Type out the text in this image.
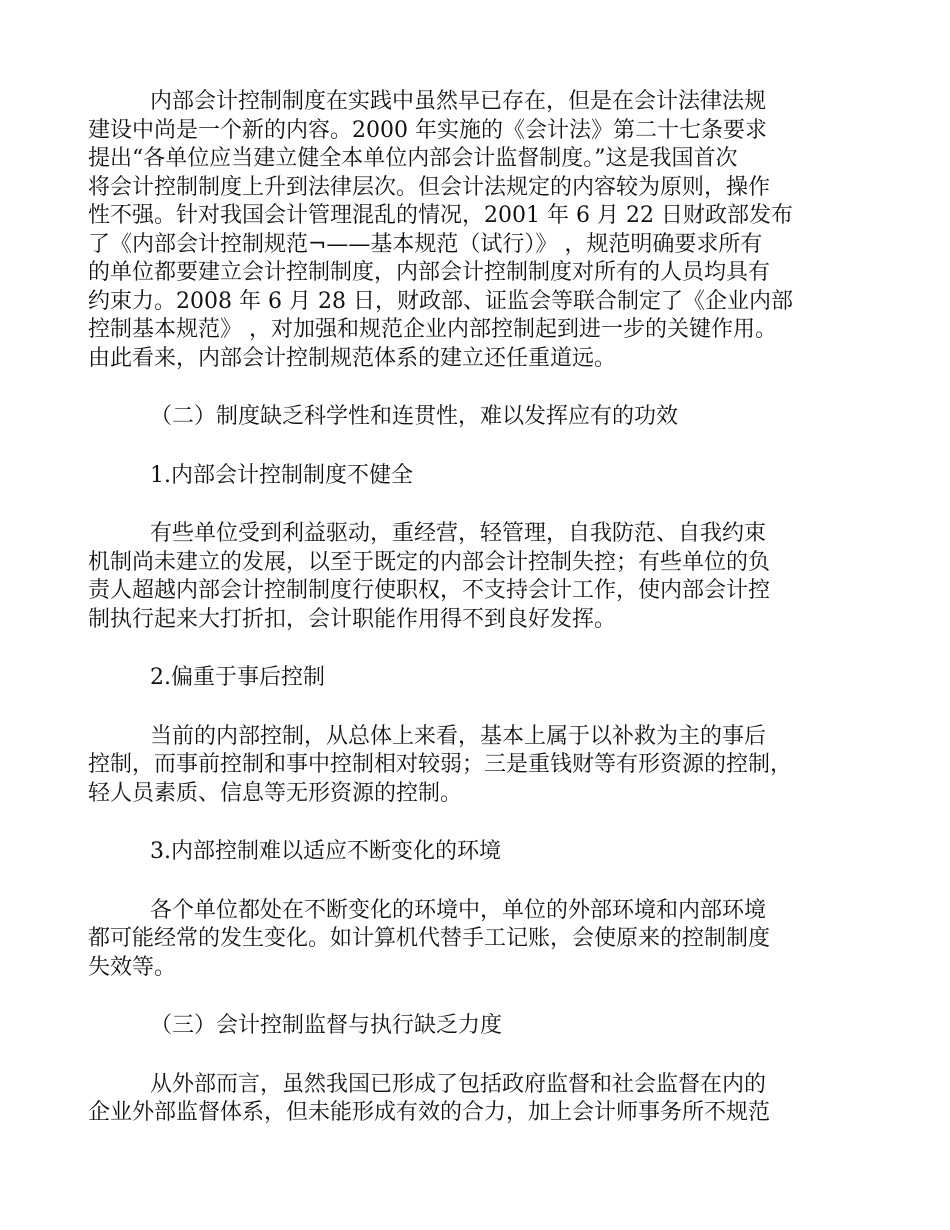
内部会计控制制度在实践中虽然早已存在，但是在会计法律法规
建设中尚是一个新的内容。2000 年实施的《会计法》第二十七条要求
提出“各单位应当建立健全本单位内部会计监督制度。”这是我国首次
将会计控制制度上升到法律层次。但会计法规定的内容较为原则，操作
性不强。针对我国会计管理混乱的情况，2001 年 6 月 22 日财政部发布
了《内部会计控制规范¬——基本规范（试行）》 ，规范明确要求所有
的单位都要建立会计控制制度，内部会计控制制度对所有的人员均具有
约束力。2008 年 6 月 28 日，财政部、证监会等联合制定了《企业内部
控制基本规范》 ，对加强和规范企业内部控制起到进一步的关键作用。
由此看来，内部会计控制规范体系的建立还任重道远。
（二）制度缺乏科学性和连贯性，难以发挥应有的功效
1.内部会计控制制度不健全
有些单位受到利益驱动，重经营，轻管理，自我防范、自我约束
机制尚未建立的发展，以至于既定的内部会计控制失控；有些单位的负
责人超越内部会计控制制度行使职权，不支持会计工作，使内部会计控
制执行起来大打折扣，会计职能作用得不到良好发挥。
2.偏重于事后控制
当前的内部控制，从总体上来看，基本上属于以补救为主的事后
控制，而事前控制和事中控制相对较弱；三是重钱财等有形资源的控制，
轻人员素质、信息等无形资源的控制。
3.内部控制难以适应不断变化的环境
各个单位都处在不断变化的环境中，单位的外部环境和内部环境
都可能经常的发生变化。如计算机代替手工记账，会使原来的控制制度
失效等。
（三）会计控制监督与执行缺乏力度
从外部而言，虽然我国已形成了包括政府监督和社会监督在内的
企业外部监督体系，但未能形成有效的合力，加上会计师事务所不规范
